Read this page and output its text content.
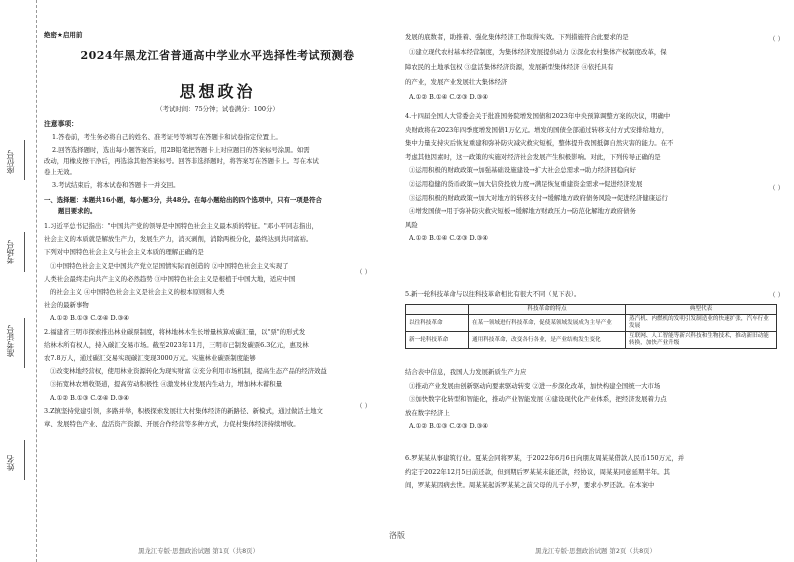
座位号
考场号
准考证号
姓名
绝密★启用前
2024年黑龙江省普通高中学业水平选择性考试预测卷
思想政治
（考试时间：75分钟；试卷满分：100分）
注意事项：
1.答卷前，考生务必将自己的姓名、准考证号等填写在答题卡和试卷指定位置上。
2.回答选择题时，选出每小题答案后，用2B铅笔把答题卡上对应题目的答案标号涂黑。如需
改动，用橡皮擦干净后，再选涂其他答案标号。回答非选择题时，将答案写在答题卡上。写在本试
卷上无效。
3.考试结束后，将本试卷和答题卡一并交回。
一、选择题：本题共16小题，每小题3分，共48分。在每小题给出的四个选项中，只有一项是符合
题目要求的。
1.习近平总书记指出："中国共产党的领导是中国特色社会主义最本质的特征。"邓小平同志指出，
社会主义的本质就是解放生产力，发展生产力，消灭剥削，消除两极分化，最终达到共同富裕。
下列对中国特色社会主义与社会主义本质的理解正确的是
①中国特色社会主义是中国共产党立足国情实际而创造的 ②中国特色社会主义实现了
人类社会最终走向共产主义的必然趋势 ③中国特色社会主义是根植于中国大地，适应中国
的社会主义 ④中国特色社会主义是社会主义的根本原则和人类
社会的最新事物
A.①② B.①③ C.②④ D.③④
2.福建省三明市探索推出林业碳票制度，将林地林木生长增量核算成碳汇量，以"票"的形式发
给林木所有权人，持入碳汇交易市场。截至2023年11月，三明市已制发碳票6.3亿元，惠及林
农7.8万人，通过碳汇交易实现碳汇变现3000万元。实施林业碳票制度能够
①改变林地经营权，使用林业资源转化为现实财富 ②充分利用市场机制，提高生态产品的经济效益
③拓宽林农增收渠道，提高劳动积极性 ④激发林业发展内生动力，增加林木蓄积量
A.①② B.①③ C.②④ D.③④
3.Z镇坚持党建引领，多路并举，积极探索发展壮大村集体经济的新路径、新模式，通过做活土地文
章、发展特色产业、盘活资产资源、开展合作经营等多种方式，力促村集体经济持续增收。
（ ）
（ ）
黑龙江专版·思想政治试题 第1页（共8页）
发展的底数者，助推着、强化集体经济工作取得实效。下列措施符合此要求的是
①建立现代农村基本经营制度，为集体经济发展提供动力 ②深化农村集体产权制度改革，保
障农民的土地承包权 ③盘活集体经济资源，发展新型集体经济 ④依托具有
的产业，发展产业发展壮大集体经济
A.①② B.①④ C.②③ D.③④
（ ）
4.十四届全国人大常委会关于批准国务院增发国债和2023年中央预算调整方案的决议，明确中
央财政将在2023年四季度增发国债1万亿元。增发的国债全部通过转移支付方式安排给地方，
集中力量支持灾后恢复重建和弥补防灾减灾救灾短板，整体提升我国抵御自然灾害的能力。在不
考虑其他因素时，这一政策的实施对经济社会发展产生积极影响。对此，下列传导正确的是
①运用积极的财政政策→加强基础设施建设→扩大社会总需求→助力经济回稳向好
②运用稳健的货币政策→加大信贷投放力度→满足恢复重建资金需求→促进经济发展
③运用积极的财政政策→加大对地方的转移支付→缓解地方政府债务风险→促进经济健康运行
④增发国债→用于弥补防灾救灾短板→缓解地方财政压力→防范化解地方政府债务
风险
A.①② B.①④ C.②③ D.③④
（ ）
5.新一轮科技革命与以往科技革命相比有很大不同（见下表）。	（ ）
结合表中信息，我国人力发展新质生产力应
①推动产业发展由创新驱动向要素驱动转变 ②进一步深化改革，加快构建全国统一大市场
③加快数字化转型和智能化，推动产业智能发展 ④建设现代化产业体系，把经济发展着力点
放在数字经济上
A.①② B.①③ C.②③ D.③④
6.罗某某从事建筑行业。夏某会同将罗某，于2022年6月6日向朋友周某某借款人民币150万元，并
约定于2022年12月5日前还款，但到期后罗某某未能还款，经协议，周某某同意延期半年。其
间，罗某某因病去世。周某某起诉罗某某之前父母的儿子小罗，要求小罗还款。在本案中
	科技革命的特点	典型代表
以往科技革命	在某一领域进行科技革命，促使某领域发展成为主导产业	蒸汽机、内燃机的发明引发制造业的快速扩张，汽车行业发展
新一轮科技革命	通用科技革命，改变各行各业，是产业结构发生变化	互联网、人工智能等新兴科技和生物技术，推动新旧动能转换，加快产业升级
黑龙江专版·思想政治试题 第2页（共8页）
洛版
